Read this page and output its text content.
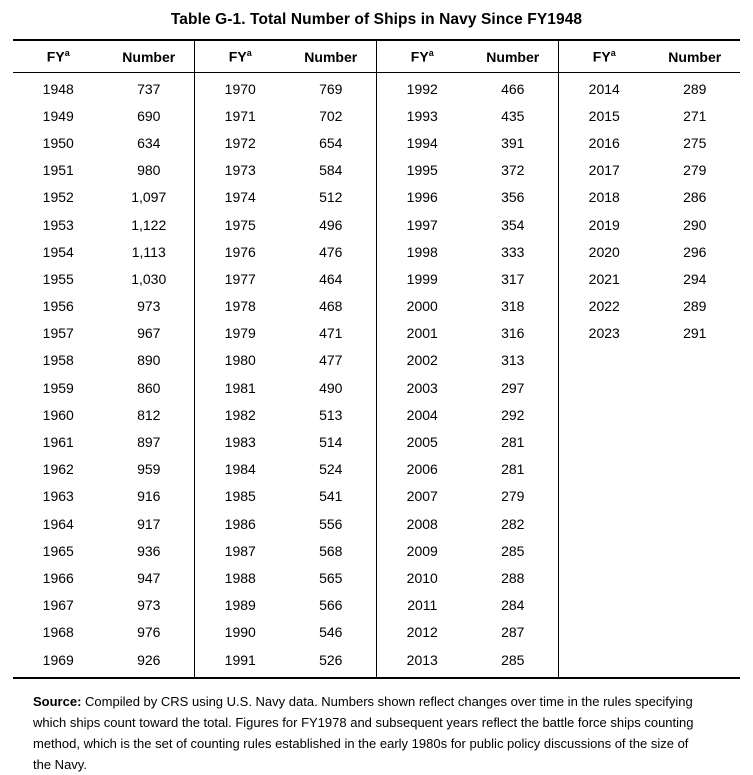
Table G-1. Total Number of Ships in Navy Since FY1948
$FY^a$	Number
1948	737
1949	690
1950	634
1951	980
1952	1,097
1953	1,122
1954	1,113
1955	1,030
1956	973
1957	967
1958	890
1959	860
1960	812
1961	897
1962	959
1963	916
1964	917
1965	936
1966	947
1967	973
1968	976
1969	926
$FY^a$	Number
1970	769
1971	702
1972	654
1973	584
1974	512
1975	496
1976	476
1977	464
1978	468
1979	471
1980	477
1981	490
1982	513
1983	514
1984	524
1985	541
1986	556
1987	568
1988	565
1989	566
1990	546
1991	526
$FY^a$	Number
1992	466
1993	435
1994	391
1995	372
1996	356
1997	354
1998	333
1999	317
2000	318
2001	316
2002	313
2003	297
2004	292
2005	281
2006	281
2007	279
2008	282
2009	285
2010	288
2011	284
2012	287
2013	285
$FY^a$	Number
2014	289
2015	271
2016	275
2017	279
2018	286
2019	290
2020	296
2021	294
2022	289
2023	291

Source: Compiled by CRS using U.S. Navy data. Numbers shown reflect changes over time in the rules specifying which ships count toward the total. Figures for FY1978 and subsequent years reflect the battle force ships counting method, which is the set of counting rules established in the early 1980s for public policy discussions of the size of the Navy.
